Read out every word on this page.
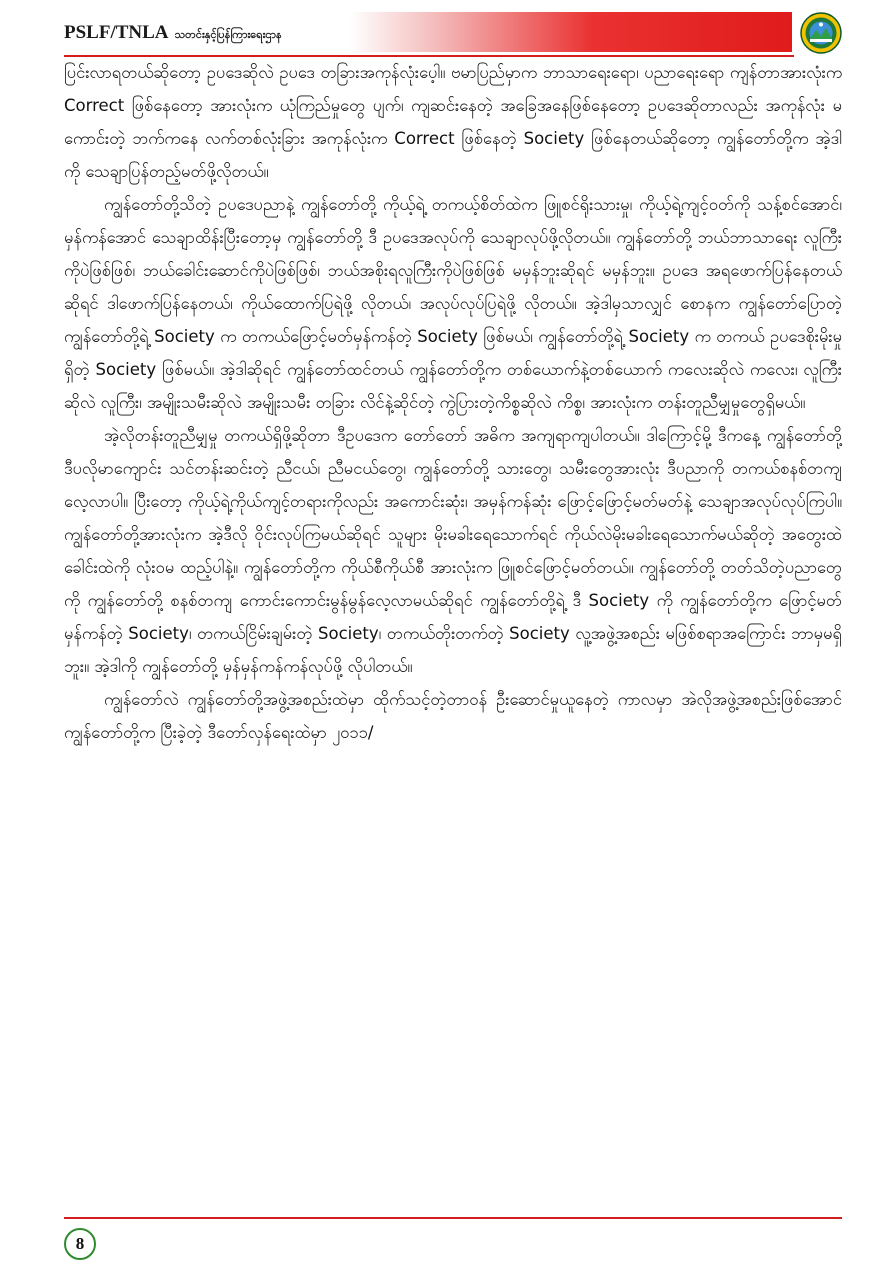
PSLF/TNLA သတင်းနှင့်ပြန်ကြားရေးဌာန

ပြင်းလာရတယ်ဆိုတော့ ဥပဒေဆိုလဲ ဥပဒေ တခြားအကုန်လုံးပေ့ါ။ ဗမာပြည်မှာက ဘာသာရေးရော၊ ပညာရေးရော ကျန်တာအားလုံးက Correct ဖြစ်နေတော့ အားလုံးက ယုံကြည်မှုတွေ ပျက်၊ ကျဆင်းနေတဲ့ အခြေအနေဖြစ်နေတော့ ဥပဒေဆိုတာလည်း အကုန်လုံး မကောင်းတဲ့ ဘက်ကနေ လက်တစ်လုံးခြား အကုန်လုံးက Correct ဖြစ်နေတဲ့ Society ဖြစ်နေတယ်ဆိုတော့ ကျွန်တော်တို့က အဲ့ဒါကို သေချာပြန်တည့်မတ်ဖို့လိုတယ်။

ကျွန်တော်တို့သိတဲ့ ဥပဒေပညာနဲ့ ကျွန်တော်တို့ ကိုယ့်ရဲ့ တကယ့်စိတ်ထဲက ဖြူစင်ရိုးသားမှု၊ ကိုယ့်ရဲ့ကျင့်ဝတ်ကို သန့်စင်အောင်၊ မှန်ကန်အောင် သေချာထိန်းပြီးတော့မှ ကျွန်တော်တို့ ဒီ ဥပဒေအလုပ်ကို သေချာလုပ်ဖို့လိုတယ်။ ကျွန်တော်တို့ ဘယ်ဘာသာရေး လူကြီးကိုပဲဖြစ်ဖြစ်၊ ဘယ်ခေါင်းဆောင်ကိုပဲဖြစ်ဖြစ်၊ ဘယ်အစိုးရလူကြီးကိုပဲဖြစ်ဖြစ် မမှန်ဘူးဆိုရင် မမှန်ဘူး။ ဥပဒေ အရဖောက်ပြန်နေတယ်ဆိုရင် ဒါဖောက်ပြန်နေတယ်၊ ကိုယ်ထောက်ပြရဲဖို့ လိုတယ်၊ အလုပ်လုပ်ပြရဲဖို့ လိုတယ်။ အဲ့ဒါမှသာလျှင် စောနက ကျွန်တော်ပြောတဲ့ ကျွန်တော်တို့ရဲ့ Society က တကယ်ဖြောင့်မတ်မှန်ကန်တဲ့ Society ဖြစ်မယ်၊ ကျွန်တော်တို့ရဲ့ Society က တကယ် ဥပဒေစိုးမိုးမှုရှိတဲ့ Society ဖြစ်မယ်။ အဲ့ဒါဆိုရင် ကျွန်တော်ထင်တယ် ကျွန်တော်တို့က တစ်ယောက်နဲ့တစ်ယောက် ကလေးဆိုလဲ ကလေး၊ လူကြီးဆိုလဲ လူကြီး၊ အမျိုးသမီးဆိုလဲ အမျိုးသမီး တခြား လိင်နဲ့ဆိုင်တဲ့ ကွဲပြားတဲ့ကိစ္စဆိုလဲ ကိစ္စ၊ အားလုံးက တန်းတူညီမျှမှုတွေရှိမယ်။

အဲ့လိုတန်းတူညီမျှမှု တကယ်ရှိဖို့ဆိုတာ ဒီဥပဒေက တော်တော် အဓိက အကျရာကျပါတယ်။ ဒါကြောင့်မို့ ဒီကနေ့ ကျွန်တော်တို့ ဒီပလိုမာကျောင်း သင်တန်းဆင်းတဲ့ ညီငယ်၊ ညီမငယ်တွေ၊ ကျွန်တော်တို့ သားတွေ၊ သမီးတွေအားလုံး ဒီပညာကို တကယ်စနစ်တကျလေ့လာပါ။ ပြီးတော့ ကိုယ့်ရဲ့ကိုယ်ကျင့်တရားကိုလည်း အကောင်းဆုံး၊ အမှန်ကန်ဆုံး ဖြောင့်ဖြောင့်မတ်မတ်နဲ့ သေချာအလုပ်လုပ်ကြပါ။ ကျွန်တော်တို့အားလုံးက အဲ့ဒီလို ဝိုင်းလုပ်ကြမယ်ဆိုရင် သူများ မိုးမခါးရေသောက်ရင် ကိုယ်လဲမိုးမခါးရေသောက်မယ်ဆိုတဲ့ အတွေးထဲ ခေါင်းထဲကို လုံးဝမ ထည့်ပါနဲ့။ ကျွန်တော်တို့က ကိုယ်စီကိုယ်စီ အားလုံးက ဖြူစင်ဖြောင့်မတ်တယ်။ ကျွန်တော်တို့ တတ်သိတဲ့ပညာတွေကို ကျွန်တော်တို့ စနစ်တကျ ကောင်းကောင်းမွန်မွန်လေ့လာမယ်ဆိုရင် ကျွန်တော်တို့ရဲ့ ဒီ Society ကို ကျွန်တော်တို့က ဖြောင့်မတ်မှန်ကန်တဲ့ Society၊ တကယ်ငြိမ်းချမ်းတဲ့ Society၊ တကယ်တိုးတက်တဲ့ Society လူ့အဖွဲ့အစည်း မဖြစ်စရာအကြောင်း ဘာမှမရှိဘူး။ အဲ့ဒါကို ကျွန်တော်တို့ မှန်မှန်ကန်ကန်လုပ်ဖို့ လိုပါတယ်။

ကျွန်တော်လဲ ကျွန်တော်တို့အဖွဲ့အစည်းထဲမှာ ထိုက်သင့်တဲ့တာဝန် ဦးဆောင်မှုယူနေတဲ့ ကာလမှာ အဲလိုအဖွဲ့အစည်းဖြစ်အောင် ကျွန်တော်တို့က ပြီးခဲ့တဲ့ ဒီတော်လှန်ရေးထဲမှာ ၂၀၁၁/

8
